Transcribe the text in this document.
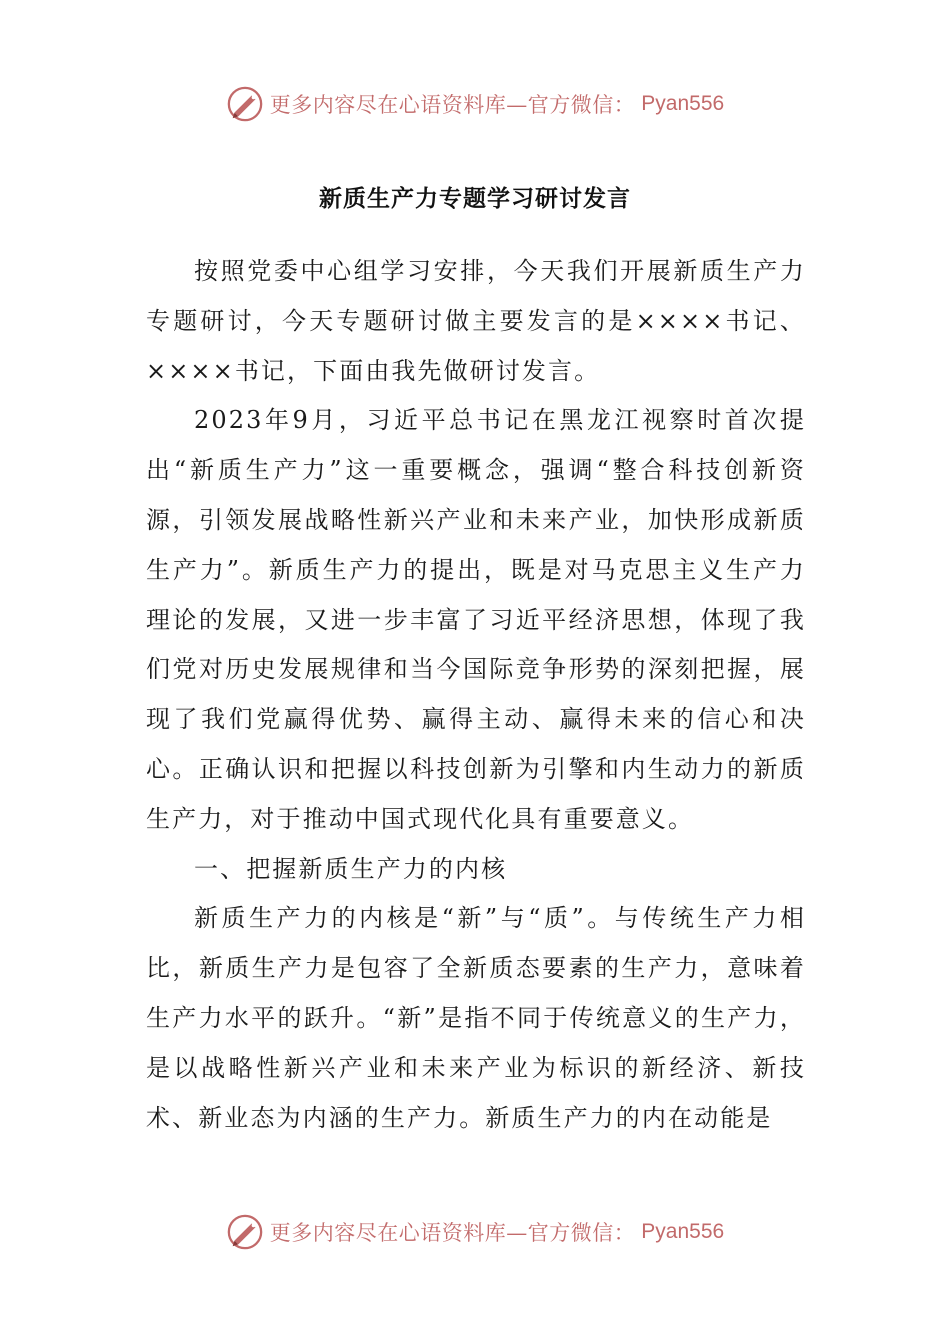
更多内容尽在心语资料库—官方微信： Pyan556
新质生产力专题学习研讨发言

按照党委中心组学习安排，今天我们开展新质生产力专题研讨，今天专题研讨做主要发言的是××××书记、××××书记，下面由我先做研讨发言。

2023年9月，习近平总书记在黑龙江视察时首次提出“新质生产力”这一重要概念，强调“整合科技创新资源，引领发展战略性新兴产业和未来产业，加快形成新质生产力”。新质生产力的提出，既是对马克思主义生产力理论的发展，又进一步丰富了习近平经济思想，体现了我们党对历史发展规律和当今国际竞争形势的深刻把握，展现了我们党赢得优势、赢得主动、赢得未来的信心和决心。正确认识和把握以科技创新为引擎和内生动力的新质生产力，对于推动中国式现代化具有重要意义。

一、把握新质生产力的内核

新质生产力的内核是“新”与“质”。与传统生产力相比，新质生产力是包容了全新质态要素的生产力，意味着生产力水平的跃升。“新”是指不同于传统意义的生产力，是以战略性新兴产业和未来产业为标识的新经济、新技术、新业态为内涵的生产力。新质生产力的内在动能是

更多内容尽在心语资料库—官方微信： Pyan556
